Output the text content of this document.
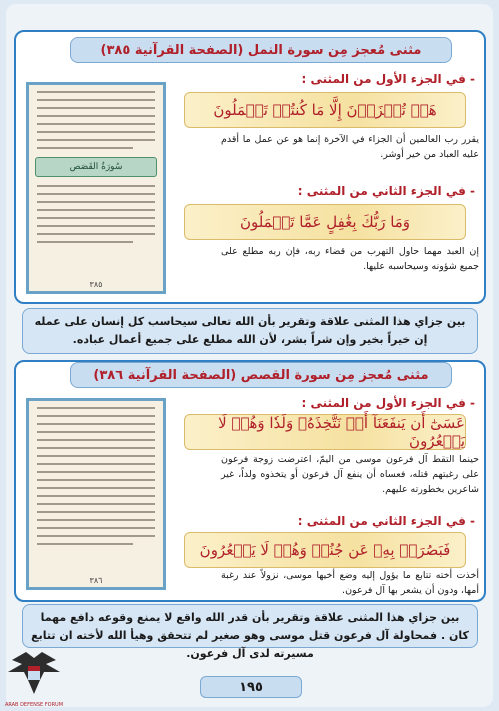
مثنى مُعجز مِن سورة النمل (الصفحة القرآنية ٣٨٥)
سُورَةُ القَصَص
٣٨٥
- في الجزء الأول من المثنى :
هَلۡ تُجۡزَوۡنَ إِلَّا مَا كُنتُمۡ تَعۡمَلُونَ
يقرر رب العالمين أن الجزاء في الآخرة إنما هو عن عمل ما أقدم عليه العباد من خير أوشر.
- في الجزء الثاني من المثنى :
وَمَا رَبُّكَ بِغَٰفِلٍ عَمَّا تَعۡمَلُونَ
إن العبد مهما حاول التهرب من قضاء ربه، فإن ربه مطلع على جميع شؤونه وسيحاسبه عليها.
بين جزاي هذا المثنى علاقة وتقرير بأن الله تعالى سيحاسب كل إنسان على عمله إن خيراً بخير وإن شراً بشر، لأن الله مطلع على جميع أعمال عباده.
مثنى مُعجز مِن سورة القصص (الصفحة القرآنية ٣٨٦)
٣٨٦
- في الجزء الأول من المثنى :
عَسَىٰٓ أَن يَنفَعَنَآ أَوۡ نَتَّخِذَهُۥ وَلَدٗا وَهُمۡ لَا يَشۡعُرُونَ
حينما التقط آل فرعون موسى من اليمّ، اعترضت زوجة فرعون على رغبتهم قتله، فعساه أن ينفع آل فرعون أو يتخذوه ولداً، غير شاعرين بخطورته عليهم.
- في الجزء الثاني من المثنى :
فَبَصُرَتۡ بِهِۦ عَن جُنُبٖ وَهُمۡ لَا يَشۡعُرُونَ
أخذت أخته تتابع ما يؤول إليه وضع أخيها موسى، نزولاً عند رغبة أمها، ودون أن يشعر بها آل فرعون.
بين جزاي هذا المثنى علاقة وتقرير بأن قدر الله واقع لا يمنع وقوعه دافع مهما كان . فمحاولة آل فرعون قتل موسى وهو صغير لم تتحقق وهيأ الله لأخته ان تتابع مسيرته لدى آل فرعون.
١٩٥
ARAB DEFENSE FORUM
